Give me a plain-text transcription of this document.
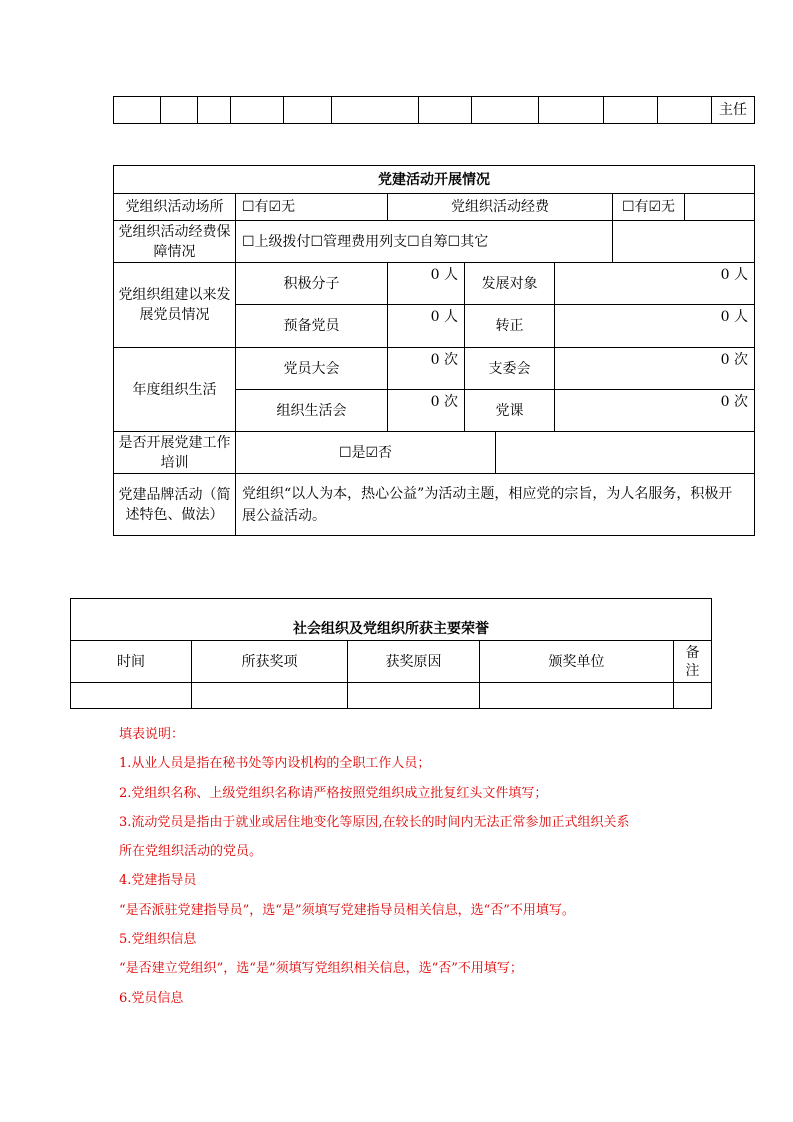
											主任
党建活动开展情况							
党组织活动场所	☐有☑无	党组织活动经费				☐有☑无	
党组织活动经费保障情况	☐上级拨付☐管理费用列支☐自筹☐其它						
党组织组建以来发展党员情况	积极分子	0 人	发展对象		0 人		
	预备党员	0 人	转正		0 人		
年度组织生活	党员大会	0 次	支委会		0 次		
	组织生活会	0 次	党课		0 次		
是否开展党建工作培训	☐是☑否						
党建品牌活动（简述特色、做法）	党组织“以人为本，热心公益”为活动主题，相应党的宗旨，为人名服务，积极开展公益活动。						
社会组织及党组织所获主要荣誉				
时间	所获奖项	获奖原因	颁奖单位	备注

填表说明：
1.从业人员是指在秘书处等内设机构的全职工作人员；
2.党组织名称、上级党组织名称请严格按照党组织成立批复红头文件填写；
3.流动党员是指由于就业或居住地变化等原因,在较长的时间内无法正常参加正式组织关系
所在党组织活动的党员。
4.党建指导员
“是否派驻党建指导员”，选“是”须填写党建指导员相关信息，选“否”不用填写。
5.党组织信息
“是否建立党组织”，选“是”须填写党组织相关信息，选“否”不用填写；
6.党员信息
